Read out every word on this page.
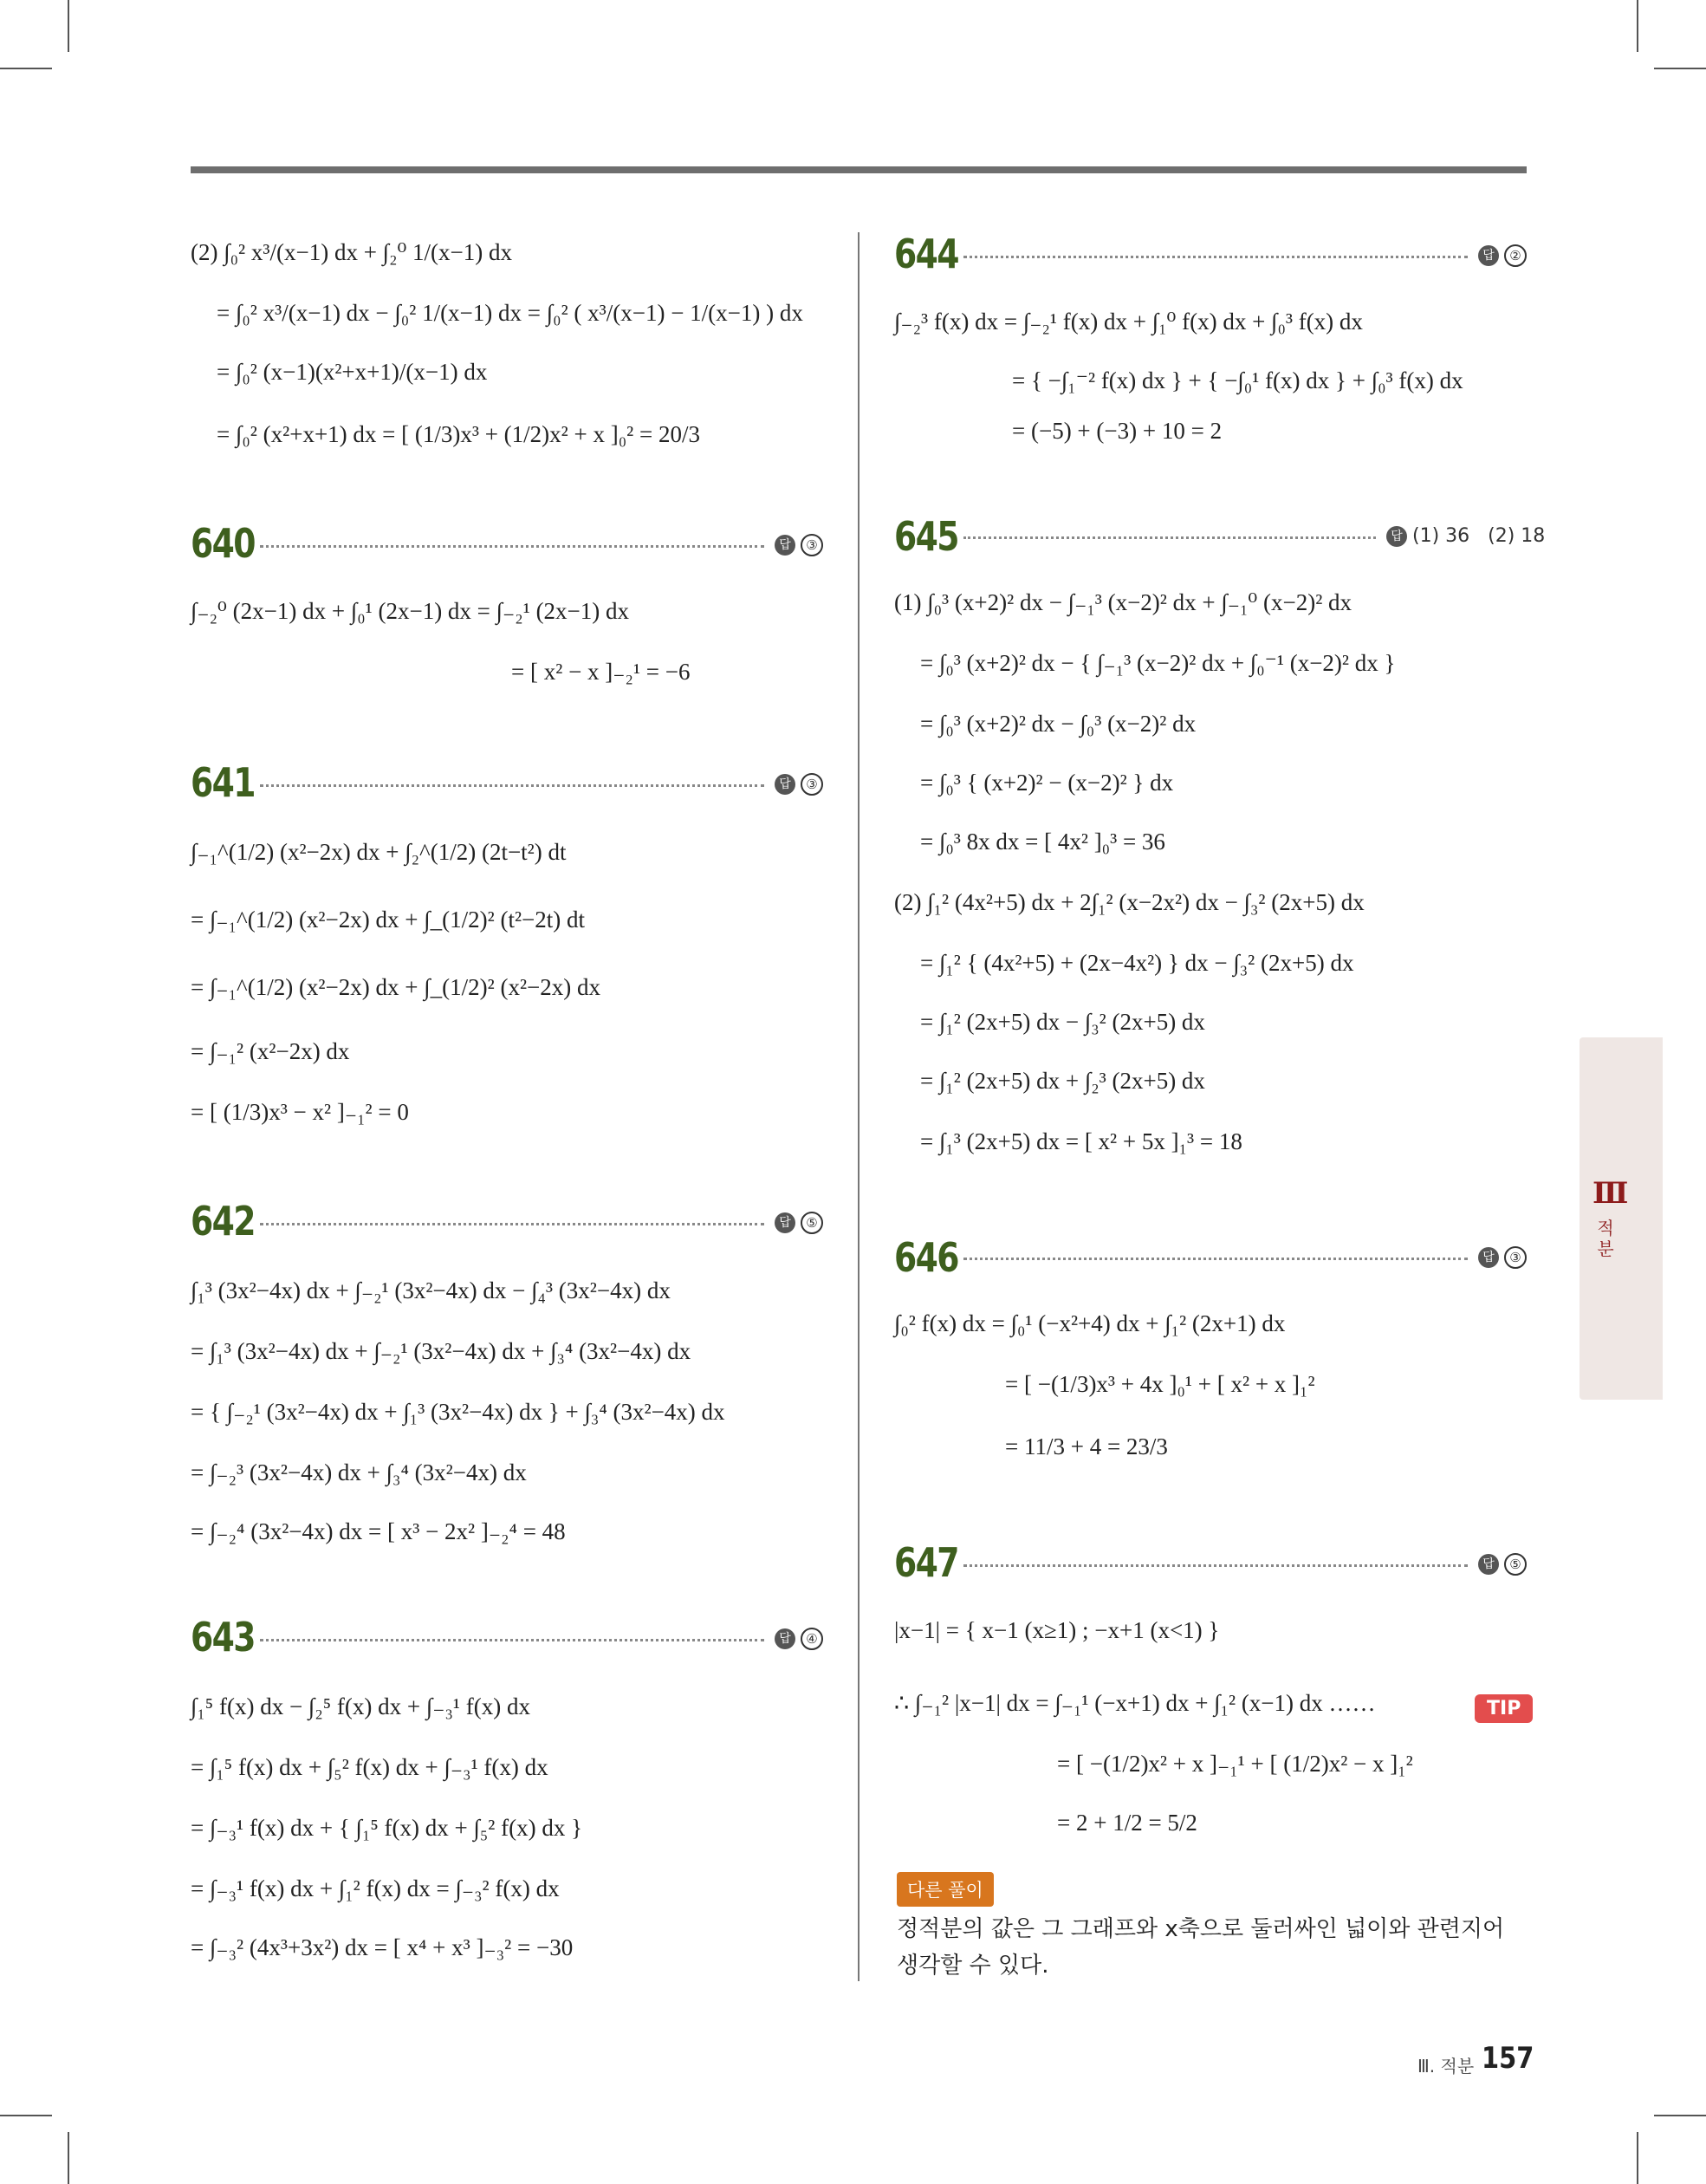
(2) ∫₀² x³/(x−1) dx + ∫₂⁰ 1/(x−1) dx
= ∫₀² x³/(x−1) dx − ∫₀² 1/(x−1) dx = ∫₀² ( x³/(x−1) − 1/(x−1) ) dx
= ∫₀² (x−1)(x²+x+1)/(x−1) dx
= ∫₀² (x²+x+1) dx = [ (1/3)x³ + (1/2)x² + x ]₀² = 20/3
640	답	③
∫₋₂⁰ (2x−1) dx + ∫₀¹ (2x−1) dx = ∫₋₂¹ (2x−1) dx
= [ x² − x ]₋₂¹ = −6
641	답	③
∫₋₁^(1/2) (x²−2x) dx + ∫₂^(1/2) (2t−t²) dt
= ∫₋₁^(1/2) (x²−2x) dx + ∫_(1/2)² (t²−2t) dt
= ∫₋₁^(1/2) (x²−2x) dx + ∫_(1/2)² (x²−2x) dx
= ∫₋₁² (x²−2x) dx
= [ (1/3)x³ − x² ]₋₁² = 0
642	답	⑤
∫₁³ (3x²−4x) dx + ∫₋₂¹ (3x²−4x) dx − ∫₄³ (3x²−4x) dx
= ∫₁³ (3x²−4x) dx + ∫₋₂¹ (3x²−4x) dx + ∫₃⁴ (3x²−4x) dx
= { ∫₋₂¹ (3x²−4x) dx + ∫₁³ (3x²−4x) dx } + ∫₃⁴ (3x²−4x) dx
= ∫₋₂³ (3x²−4x) dx + ∫₃⁴ (3x²−4x) dx
= ∫₋₂⁴ (3x²−4x) dx = [ x³ − 2x² ]₋₂⁴ = 48
643	답	④
∫₁⁵ f(x) dx − ∫₂⁵ f(x) dx + ∫₋₃¹ f(x) dx
= ∫₁⁵ f(x) dx + ∫₅² f(x) dx + ∫₋₃¹ f(x) dx
= ∫₋₃¹ f(x) dx + { ∫₁⁵ f(x) dx + ∫₅² f(x) dx }
= ∫₋₃¹ f(x) dx + ∫₁² f(x) dx = ∫₋₃² f(x) dx
= ∫₋₃² (4x³+3x²) dx = [ x⁴ + x³ ]₋₃² = −30
644	답	②
∫₋₂³ f(x) dx = ∫₋₂¹ f(x) dx + ∫₁⁰ f(x) dx + ∫₀³ f(x) dx
= { −∫₁⁻² f(x) dx } + { −∫₀¹ f(x) dx } + ∫₀³ f(x) dx
= (−5) + (−3) + 10 = 2
645	답 (1) 36   (2) 18
(1) ∫₀³ (x+2)² dx − ∫₋₁³ (x−2)² dx + ∫₋₁⁰ (x−2)² dx
= ∫₀³ (x+2)² dx − { ∫₋₁³ (x−2)² dx + ∫₀⁻¹ (x−2)² dx }
= ∫₀³ (x+2)² dx − ∫₀³ (x−2)² dx
= ∫₀³ { (x+2)² − (x−2)² } dx
= ∫₀³ 8x dx = [ 4x² ]₀³ = 36
(2) ∫₁² (4x²+5) dx + 2∫₁² (x−2x²) dx − ∫₃² (2x+5) dx
= ∫₁² { (4x²+5) + (2x−4x²) } dx − ∫₃² (2x+5) dx
= ∫₁² (2x+5) dx − ∫₃² (2x+5) dx
= ∫₁² (2x+5) dx + ∫₂³ (2x+5) dx
= ∫₁³ (2x+5) dx = [ x² + 5x ]₁³ = 18
646	답	③
∫₀² f(x) dx = ∫₀¹ (−x²+4) dx + ∫₁² (2x+1) dx
= [ −(1/3)x³ + 4x ]₀¹ + [ x² + x ]₁²
= 11/3 + 4 = 23/3
647	답	⑤
|x−1| = { x−1 (x≥1) ; −x+1 (x<1) }
∴ ∫₋₁² |x−1| dx = ∫₋₁¹ (−x+1) dx + ∫₁² (x−1) dx ……	TIP
= [ −(1/2)x² + x ]₋₁¹ + [ (1/2)x² − x ]₁²
= 2 + 1/2 = 5/2
다른 풀이
정적분의 값은 그 그래프와 x축으로 둘러싸인 넓이와 관련지어 생각할 수 있다.
Ⅲ
적분
Ⅲ. 적분 157
